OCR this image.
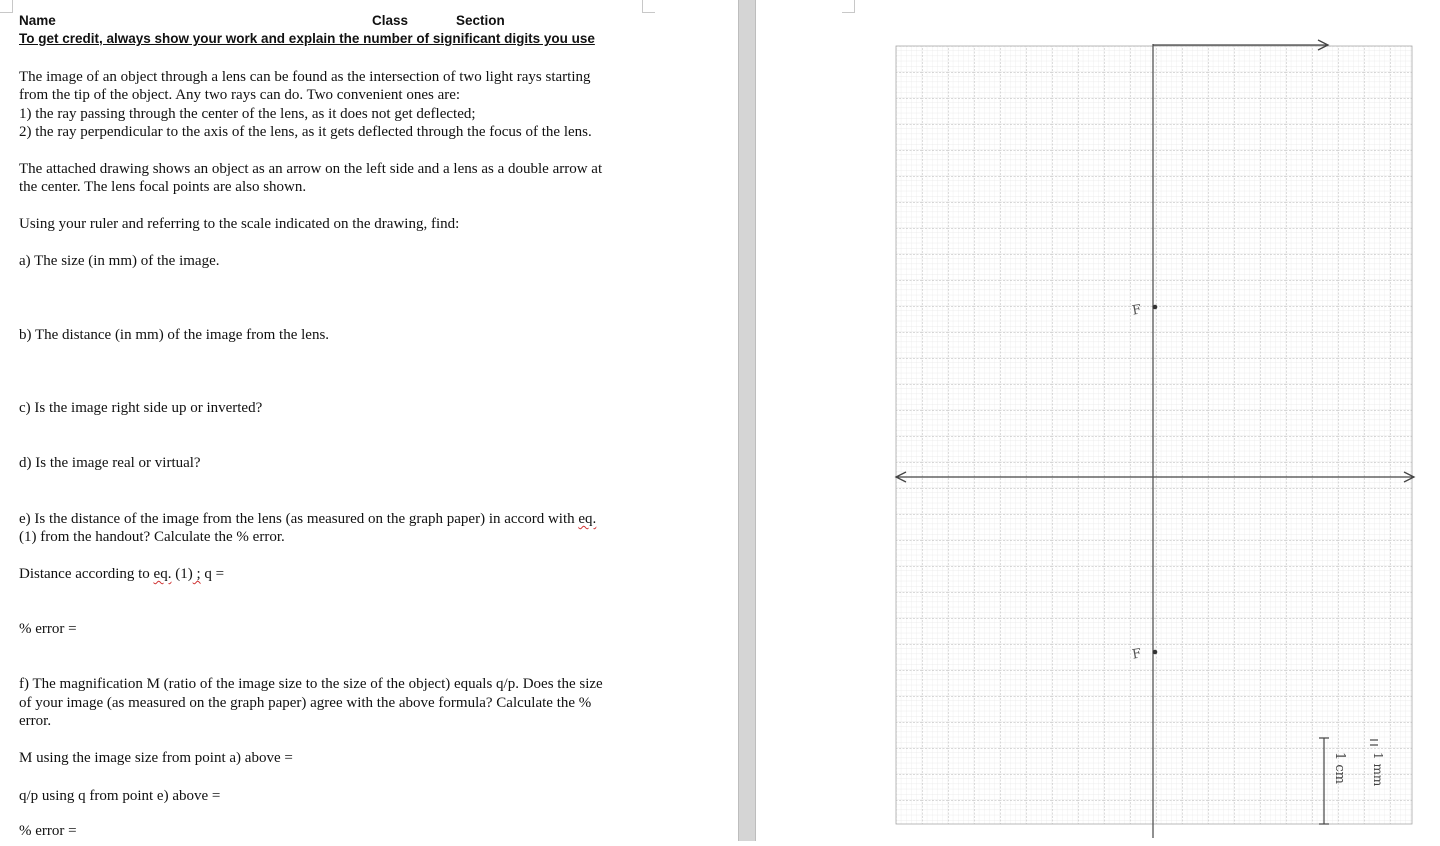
Name	Class	Section
To get credit, always show your work and explain the number of significant digits you use
The image of an object through a lens can be found as the intersection of two light rays starting
from the tip of the object. Any two rays can do. Two convenient ones are:
1) the ray passing through the center of the lens, as it does not get deflected;
2) the ray perpendicular to the axis of the lens, as it gets deflected through the focus of the lens.
The attached drawing shows an object as an arrow on the left side and a lens as a double arrow at
the center. The lens focal points are also shown.
Using your ruler and referring to the scale indicated on the drawing, find:
a) The size (in mm) of the image.
b) The distance (in mm) of the image from the lens.
c) Is the image right side up or inverted?
d) Is the image real or virtual?
e) Is the distance of the image from the lens (as measured on the graph paper) in accord with eq.
(1) from the handout? Calculate the % error.
Distance according to eq. (1) ; q =
% error =
f) The magnification M (ratio of the image size to the size of the object) equals q/p. Does the size
of your image (as measured on the graph paper) agree with the above formula? Calculate the %
error.
M using the image size from point a) above =
q/p using q from point e) above =
% error =
F
F
1 cm 1 mm
